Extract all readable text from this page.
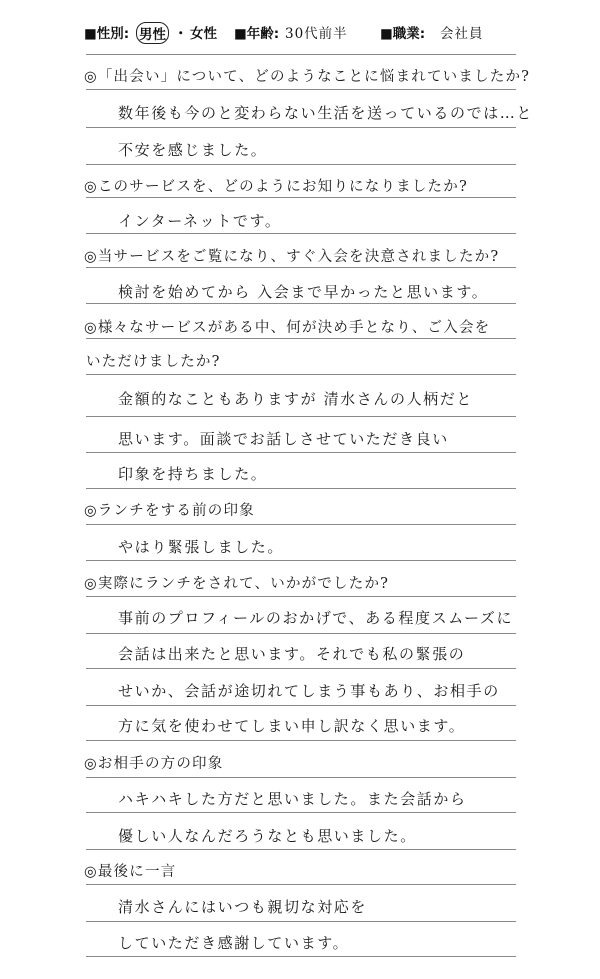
■性別: 男性 ・ 女性 ■年齢: 30代前半 ■職業: 会社員
◎「出会い」について、どのようなことに悩まれていましたか?
数年後も今のと変わらない生活を送っているのでは…と
不安を感じました。
◎このサービスを、どのようにお知りになりましたか?
インターネットです。
◎当サービスをご覧になり、すぐ入会を決意されましたか?
検討を始めてから 入会まで早かったと思います。
◎様々なサービスがある中、何が決め手となり、ご入会を
いただけましたか?
金額的なこともありますが 清水さんの人柄だと
思います。面談でお話しさせていただき良い
印象を持ちました。
◎ランチをする前の印象
やはり緊張しました。
◎実際にランチをされて、いかがでしたか?
事前のプロフィールのおかげで、ある程度スムーズに
会話は出来たと思います。それでも私の緊張の
せいか、会話が途切れてしまう事もあり、お相手の
方に気を使わせてしまい申し訳なく思います。
◎お相手の方の印象
ハキハキした方だと思いました。また会話から
優しい人なんだろうなとも思いました。
◎最後に一言
清水さんにはいつも親切な対応を
していただき感謝しています。
